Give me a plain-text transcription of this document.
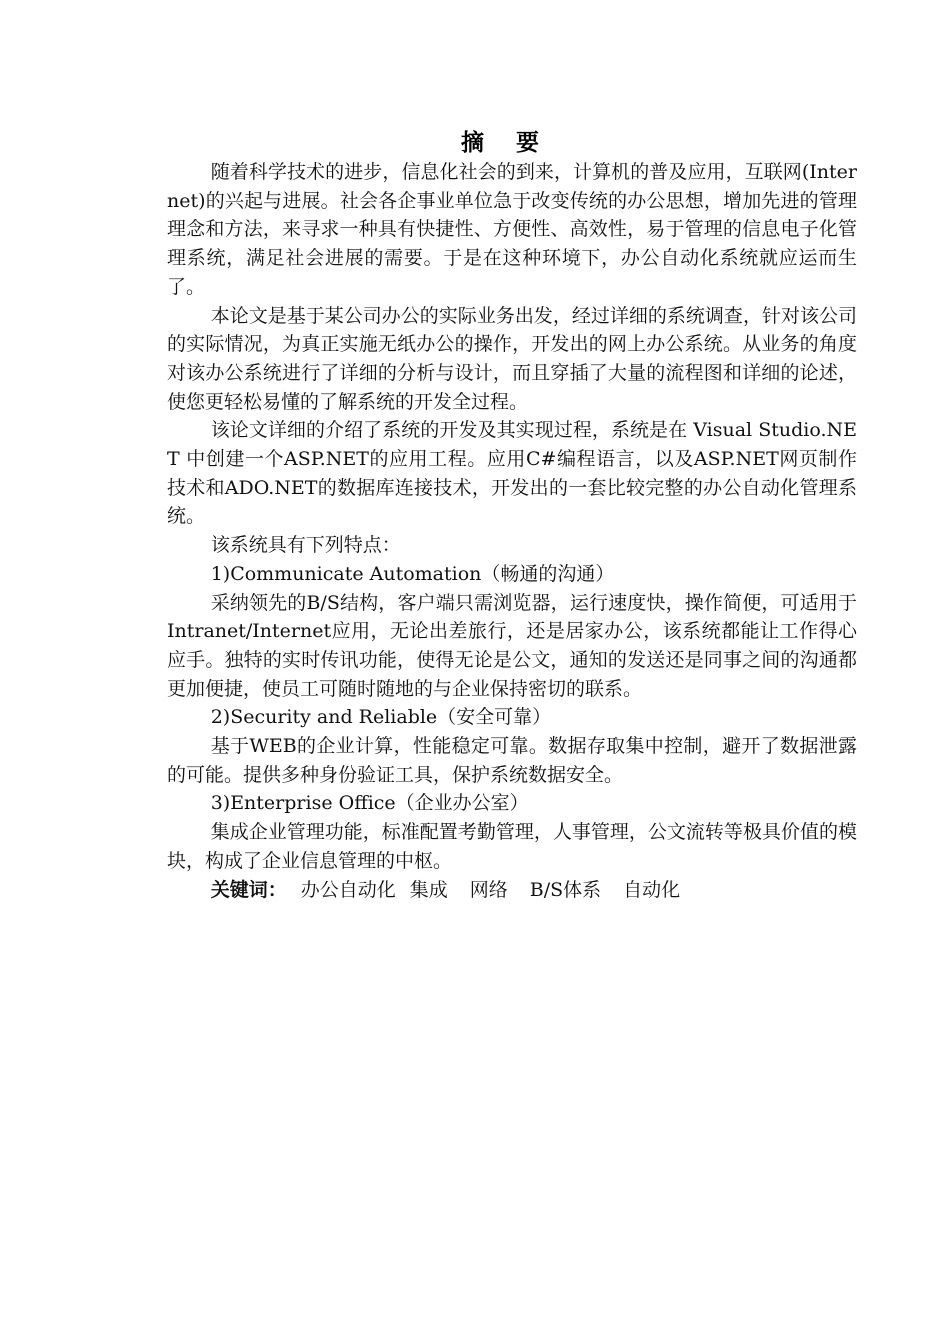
摘 要

随着科学技术的进步，信息化社会的到来，计算机的普及应用，互联网(Internet)的兴起与进展。社会各企事业单位急于改变传统的办公思想，增加先进的管理理念和方法，来寻求一种具有快捷性、方便性、高效性，易于管理的信息电子化管理系统，满足社会进展的需要。于是在这种环境下，办公自动化系统就应运而生了。

本论文是基于某公司办公的实际业务出发，经过详细的系统调查，针对该公司的实际情况，为真正实施无纸办公的操作，开发出的网上办公系统。从业务的角度对该办公系统进行了详细的分析与设计，而且穿插了大量的流程图和详细的论述，使您更轻松易懂的了解系统的开发全过程。

该论文详细的介绍了系统的开发及其实现过程，系统是在 Visual Studio.NET 中创建一个ASP.NET的应用工程。应用C#编程语言，以及ASP.NET网页制作技术和ADO.NET的数据库连接技术，开发出的一套比较完整的办公自动化管理系统。

该系统具有下列特点：

1)Communicate Automation（畅通的沟通）

采纳领先的B/S结构，客户端只需浏览器，运行速度快，操作简便，可适用于Intranet/Internet应用，无论出差旅行，还是居家办公，该系统都能让工作得心应手。独特的实时传讯功能，使得无论是公文，通知的发送还是同事之间的沟通都更加便捷，使员工可随时随地的与企业保持密切的联系。

2)Security and Reliable（安全可靠）

基于WEB的企业计算，性能稳定可靠。数据存取集中控制，避开了数据泄露的可能。提供多种身份验证工具，保护系统数据安全。

3)Enterprise Office（企业办公室）

集成企业管理功能，标准配置考勤管理，人事管理，公文流转等极具价值的模块，构成了企业信息管理的中枢。

关键词： 办公自动化 集成 网络 B/S体系 自动化
